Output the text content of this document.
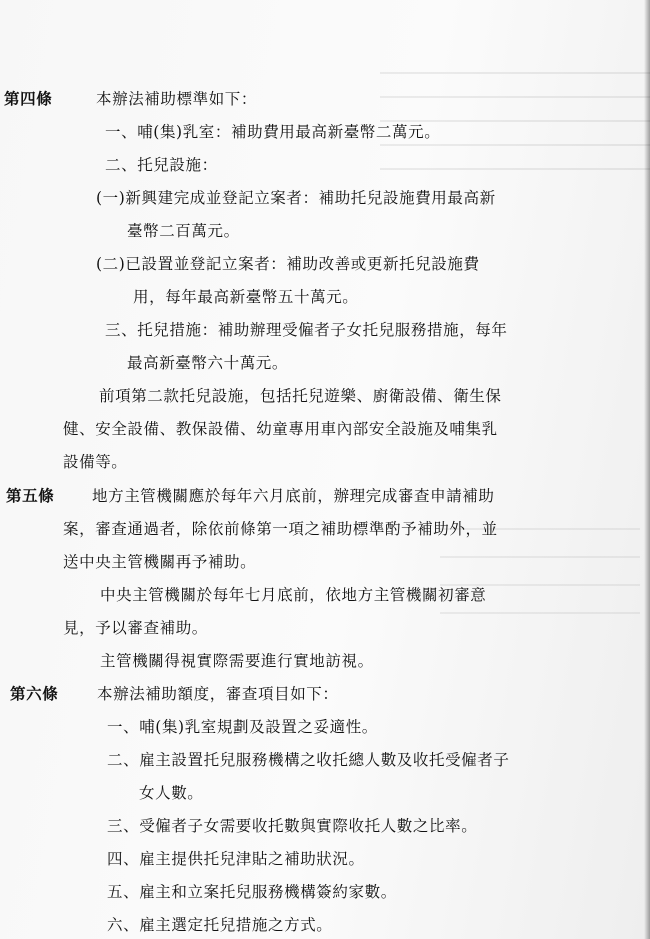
第四條	本辦法補助標準如下：
一、哺(集)乳室：補助費用最高新臺幣二萬元。
二、托兒設施：
(一)新興建完成並登記立案者：補助托兒設施費用最高新
臺幣二百萬元。
(二)已設置並登記立案者：補助改善或更新托兒設施費
用，每年最高新臺幣五十萬元。
三、托兒措施：補助辦理受僱者子女托兒服務措施，每年
最高新臺幣六十萬元。
前項第二款托兒設施，包括托兒遊樂、廚衛設備、衛生保
健、安全設備、教保設備、幼童專用車內部安全設施及哺集乳
設備等。
第五條 地方主管機關應於每年六月底前，辦理完成審查申請補助
案，審查通過者，除依前條第一項之補助標準酌予補助外，並
送中央主管機關再予補助。
中央主管機關於每年七月底前，依地方主管機關初審意
見，予以審查補助。
主管機關得視實際需要進行實地訪視。
第六條 本辦法補助額度，審查項目如下：
一、哺(集)乳室規劃及設置之妥適性。
二、雇主設置托兒服務機構之收托總人數及收托受僱者子
女人數。
三、受僱者子女需要收托數與實際收托人數之比率。
四、雇主提供托兒津貼之補助狀況。
五、雇主和立案托兒服務機構簽約家數。
六、雇主選定托兒措施之方式。
